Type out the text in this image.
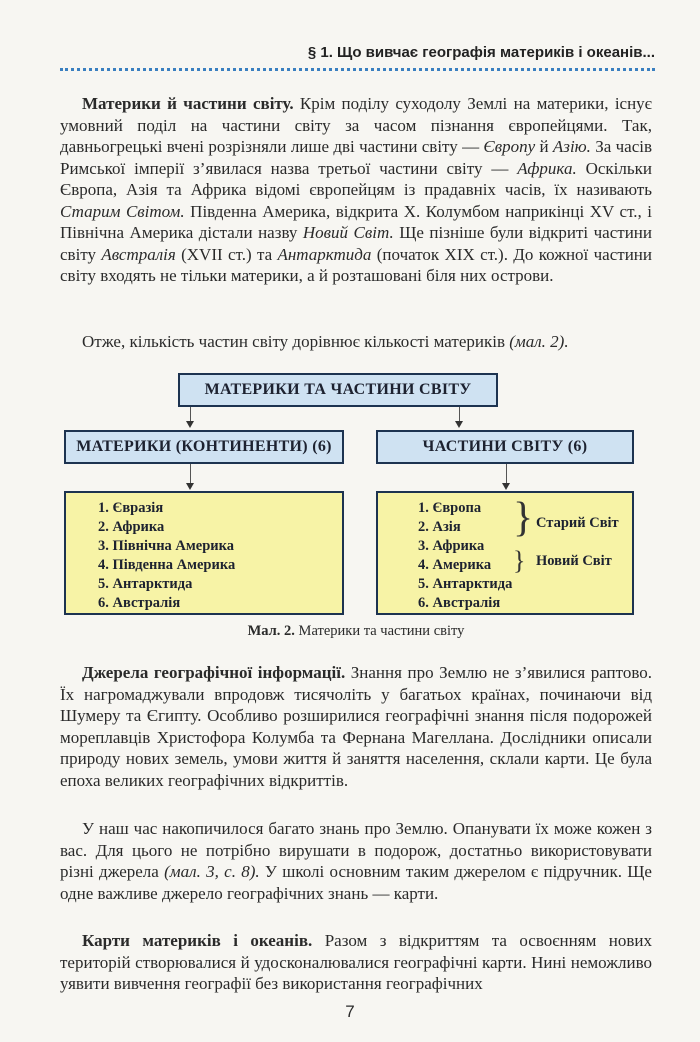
§ 1. Що вивчає географія материків і океанів...

Материки й частини світу. Крім поділу суходолу Землі на материки, існує умовний поділ на частини світу за часом пізнання європейцями. Так, давньогрецькі вчені розрізняли лише дві частини світу — Європу й Азію. За часів Римської імперії з’явилася назва третьої частини світу — Африка. Оскільки Європа, Азія та Африка відомі європейцям із прадавніх часів, їх називають Старим Світом. Південна Америка, відкрита Х. Колумбом наприкінці XV ст., і Північна Америка дістали назву Новий Світ. Ще пізніше були відкриті частини світу Австралія (XVII ст.) та Антарктида (початок XIX ст.). До кожної частини світу входять не тільки материки, а й розташовані біля них острови.

Отже, кількість частин світу дорівнює кількості материків (мал. 2).

МАТЕРИКИ ТА ЧАСТИНИ СВІТУ
МАТЕРИКИ (КОНТИНЕНТИ) (6)	ЧАСТИНИ СВІТУ (6)
1. Євразія
2. Африка
3. Північна Америка
4. Південна Америка
5. Антарктида
6. Австралія
1. Європа
2. Азія
3. Африка
4. Америка
5. Антарктида
6. Австралія
} Старий Світ
} Новий Світ
Мал. 2. Материки та частини світу

Джерела географічної інформації. Знання про Землю не з’явилися раптово. Їх нагромаджували впродовж тисячоліть у багатьох країнах, починаючи від Шумеру та Єгипту. Особливо розширилися географічні знання після подорожей мореплавців Христофора Колумба та Фернана Магеллана. Дослідники описали природу нових земель, умови життя й заняття населення, склали карти. Це була епоха великих географічних відкриттів.

У наш час накопичилося багато знань про Землю. Опанувати їх може кожен з вас. Для цього не потрібно вирушати в подорож, достатньо використовувати різні джерела (мал. 3, с. 8). У школі основним таким джерелом є підручник. Ще одне важливе джерело географічних знань — карти.

Карти материків і океанів. Разом з відкриттям та освоєнням нових територій створювалися й удосконалювалися географічні карти. Нині неможливо уявити вивчення географії без використання географічних

7
